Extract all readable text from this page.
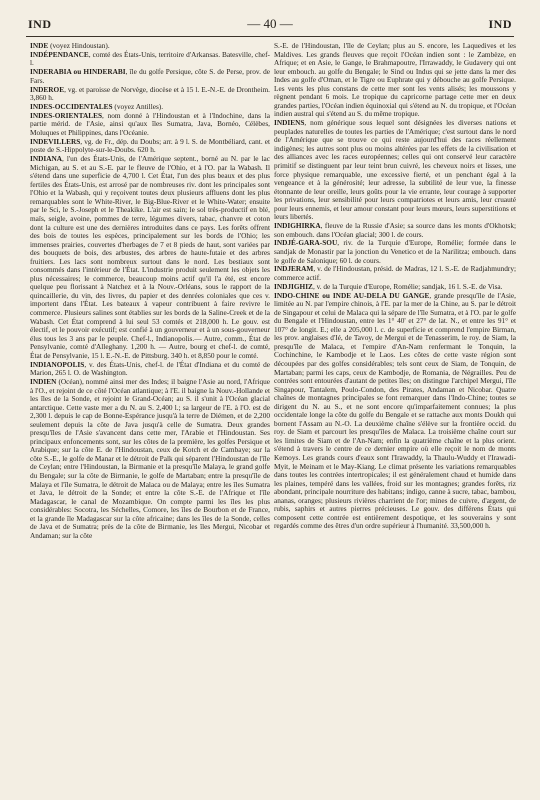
IND	— 40 —	IND

INDE (voyez Hindoustan).

INDÉPENDANCE, comté des États-Unis, territoire d'Arkansas. Batesville, chef-l.

INDERABIA ou HINDERABI, île du golfe Persique, côte S. de Perse, prov. de Fars.

INDEROE, vg. et paroisse de Norvège, diocèse et à 15 l. E.-N.-E. de Drontheim. 3,860 h.

INDES-OCCIDENTALES (voyez Antilles).

INDES-ORIENTALES, nom donné à l'Hindoustan et à l'Indochine, dans la partie mérid. de l'Asie, ainsi qu'aux îles Sumatra, Java, Bornéo, Célèbes, Moluques et Philippines, dans l'Océanie.

INDEVILLERS, vg. de Fr., dép. du Doubs; arr. à 9 l. S. de Montbéliard, cant. et poste de S.-Hippolyte-sur-le-Doubs. 620 h.

INDIANA, l'un des États-Unis, de l'Amérique septent., borné au N. par le lac Michigan, au S. et au S.-E. par le fleuve de l'Ohio, et à l'O. par la Wabash. Il s'étend dans une superficie de 4,700 l. Cet État, l'un des plus beaux et des plus fertiles des États-Unis, est arrosé par de nombreuses riv. dont les principales sont l'Ohio et la Wabash, qui y reçoivent toutes deux plusieurs affluens dont les plus remarquables sont le White-River, le Big-Blue-River et le White-Water; ensuite par le Sci, le S.-Joseph et le Theakike. L'air est sain; le sol très-productif en blé, maïs, seigle, avoine, pommes de terre, légumes divers, tabac, chanvre et coton dont la culture est une des dernières introduites dans ce pays. Les forêts offrent des bois de toutes les espèces, principalement sur les bords de l'Ohio; les immenses prairies, couvertes d'herbages de 7 et 8 pieds de haut, sont variées par des bouquets de bois, des arbustes, des arbres de haute-futaie et des arbres fruitiers. Les lacs sont nombreux surtout dans le nord. Les bestiaux sont consommés dans l'intérieur de l'État. L'industrie produit seulement les objets les plus nécessaires; le commerce, beaucoup moins actif qu'il l'a été, est encore quelque peu florissant à Natchez et à la Nouv.-Orléans, sous le rapport de la quincaillerie, du vin, des livres, du papier et des denrées coloniales que ces v. importent dans l'État. Les bateaux à vapeur contribuent à faire revivre le commerce. Plusieurs salines sont établies sur les bords de la Saline-Creek et de la Wabash. Cet État comprend à lui seul 53 comtés et 218,000 h. Le gouv. est électif, et le pouvoir exécutif; est confié à un gouverneur et à un sous-gouverneur élus tous les 3 ans par le peuple. Chef-l., Indianopolis.— Autre, comm., État de Pensylvanie, comté d'Alleghany. 1,200 h. — Autre, bourg et chef-l. de comté, État de Pensylvanie, 15 l. E.-N.-E. de Pittsburg. 340 h. et 8,850 pour le comté.

INDIANOPOLIS, v. des États-Unis, chef-l. de l'État d'Indiana et du comté de Marion, 265 l. O. de Washington.

INDIEN (Océan), nommé ainsi mer des Indes; il baigne l'Asie au nord, l'Afrique à l'O., et rejoint de ce côté l'Océan atlantique; à l'E. il baigne la Nouv.-Hollande et les îles de la Sonde, et rejoint le Grand-Océan; au S. il s'unit à l'Océan glacial antarctique. Cette vaste mer a du N. au S. 2,400 l.; sa largeur de l'E. à l'O. est de 2,300 l. depuis le cap de Bonne-Espérance jusqu'à la terre de Diémen, et de 2,200 seulement depuis la côte de Java jusqu'à celle de Sumatra. Deux grandes presqu'îles de l'Asie s'avancent dans cette mer, l'Arabie et l'Hindoustan. Ses principaux enfoncements sont, sur les côtes de la première, les golfes Persique et Arabique; sur la côte E. de l'Hindoustan, ceux de Kotch et de Cambaye; sur la côte S.-E., le golfe de Manar et le détroit de Palk qui séparent l'Hindoustan de l'île de Ceylan; entre l'Hindoustan, la Birmanie et la presqu'île Malaya, le grand golfe du Bengale; sur la côte de Birmanie, le golfe de Martaban; entre la presqu'île de Malaya et l'île Sumatra, le détroit de Malaca ou de Malaya; entre les îles Sumatra et Java, le détroit de la Sonde; et entre la côte S.-E. de l'Afrique et l'île Madagascar, le canal de Mozambique. On compte parmi les îles les plus considérables: Socotra, les Séchelles, Comore, les îles de Bourbon et de France, et la grande île Madagascar sur la côte africaine; dans les îles de la Sonde, celles de Java et de Sumatra; près de la côte de Birmanie, les îles Mergui, Nicobar et Andaman; sur la côte

S.-E. de l'Hindoustan, l'île de Ceylan; plus au S. encore, les Laquedives et les Maldives. Les grands fleuves que reçoit l'Océan indien sont : le Zambèze, en Afrique; et en Asie, le Gange, le Brahmapoutre, l'Irrawaddy, le Gudavery qui ont leur embouch. au golfe du Bengale; le Sind ou Indus qui se jette dans la mer des Indes au golfe d'Oman, et le Tigre ou Euphrate qui y débouche au golfe Persique. Les vents les plus constans de cette mer sont les vents alisés; les moussons y règnent pendant 6 mois. Le tropique du capricorne partage cette mer en deux grandes parties, l'Océan indien équinoxial qui s'étend au N. du tropique, et l'Océan indien austral qui s'étend au S. du même tropique.

INDIENS, nom générique sous lequel sont désignées les diverses nations et peuplades naturelles de toutes les parties de l'Amérique; c'est surtout dans le nord de l'Amérique que se trouve ce qui reste aujourd'hui des races réellement indigènes; les autres sont plus ou moins altérées par les effets de la civilisation et des alliances avec les races européennes; celles qui ont conservé leur caractère primitif se distinguent par leur teint brun cuivré, les cheveux noirs et lisses, une force physique remarquable, une excessive fierté, et un penchant égal à la vengeance et à la générosité; leur adresse, la subtilité de leur vue, la finesse étonnante de leur oreille, leurs goûts pour la vie errante, leur courage à supporter les privations, leur sensibilité pour leurs compatriotes et leurs amis, leur cruauté pour leurs ennemis, et leur amour constant pour leurs mœurs, leurs superstitions et leurs libertés.

INDIGHIRKA, fleuve de la Russie d'Asie; sa source dans les monts d'Okhotsk; son embouch. dans l'Océan glacial; 300 l. de cours.

INDJÉ-GARA-SOU, riv. de la Turquie d'Europe, Romélie; formée dans le sandjak de Monastir par la jonction du Venetico et de la Narilitza; embouch. dans le golfe de Salonique; 60 l. de cours.

INDJERAM, v. de l'Hindoustan, présid. de Madras, 12 l. S.-E. de Radjahmundry; commerce actif.

INDJIGHIZ, v. de la Turquie d'Europe, Romélie; sandjak, 16 l. S.-E. de Visa.

INDO-CHINE ou INDE AU-DELA DU GANGE, grande presqu'île de l'Asie, limitée au N. par l'empire chinois, à l'E. par la mer de la Chine, au S. par le détroit de Singapour et celui de Malaca qui la sépare de l'île Sumatra, et à l'O. par le golfe du Bengale et l'Hindoustan, entre les 1° 40' et 27° de lat. N., et entre les 91° et 107° de longit. E.; elle a 205,000 l. c. de superficie et comprend l'empire Birman, les prov. anglaises d'Ié, de Tavoy, de Mergui et de Tenasserim, le roy. de Siam, la presqu'île de Malaca, et l'empire d'An-Nam renfermant le Tonquin, la Cochinchine, le Kambodje et le Laos. Les côtes de cette vaste région sont découpées par des golfes considérables; tels sont ceux de Siam, de Tonquin, de Martaban; parmi les caps, ceux de Kambodje, de Romania, de Négrailles. Peu de contrées sont entourées d'autant de petites îles; on distingue l'archipel Mergui, l'île Singapour, Tantalem, Poulo-Condon, des Pirates, Andaman et Nicobar. Quatre chaînes de montagnes principales se font remarquer dans l'Indo-Chine; toutes se dirigent du N. au S., et ne sont encore qu'imparfaitement connues; la plus occidentale longe la côte du golfe du Bengale et se rattache aux monts Doukh qui bornent l'Assam au N.-O. La deuxième chaîne s'élève sur la frontière occid. du roy. de Siam et parcourt les presqu'îles de Malaca. La troisième chaîne court sur les limites de Siam et de l'An-Nam; enfin la quatrième chaîne et la plus orient. s'étend à travers le centre de ce dernier empire où elle reçoit le nom de monts Kemoys. Les grands cours d'eaux sont l'Irawaddy, la Thaulu-Wuddy et l'Irawadi-Myit, le Meinam et le May-Kiang. Le climat présente les variations remarquables dans toutes les contrées intertropicales; il est généralement chaud et humide dans les plaines, tempéré dans les vallées, froid sur les montagnes; grandes forêts, riz abondant, principale nourriture des habitans; indigo, canne à sucre, tabac, bambou, ananas, oranges; plusieurs rivières charrient de l'or; mines de cuivre, d'argent, de rubis, saphirs et autres pierres précieuses. Le gouv. des différens États qui composent cette contrée est entièrement despotique, et les souverains y sont regardés comme des êtres d'un ordre supérieur à l'humanité. 33,500,000 h.
